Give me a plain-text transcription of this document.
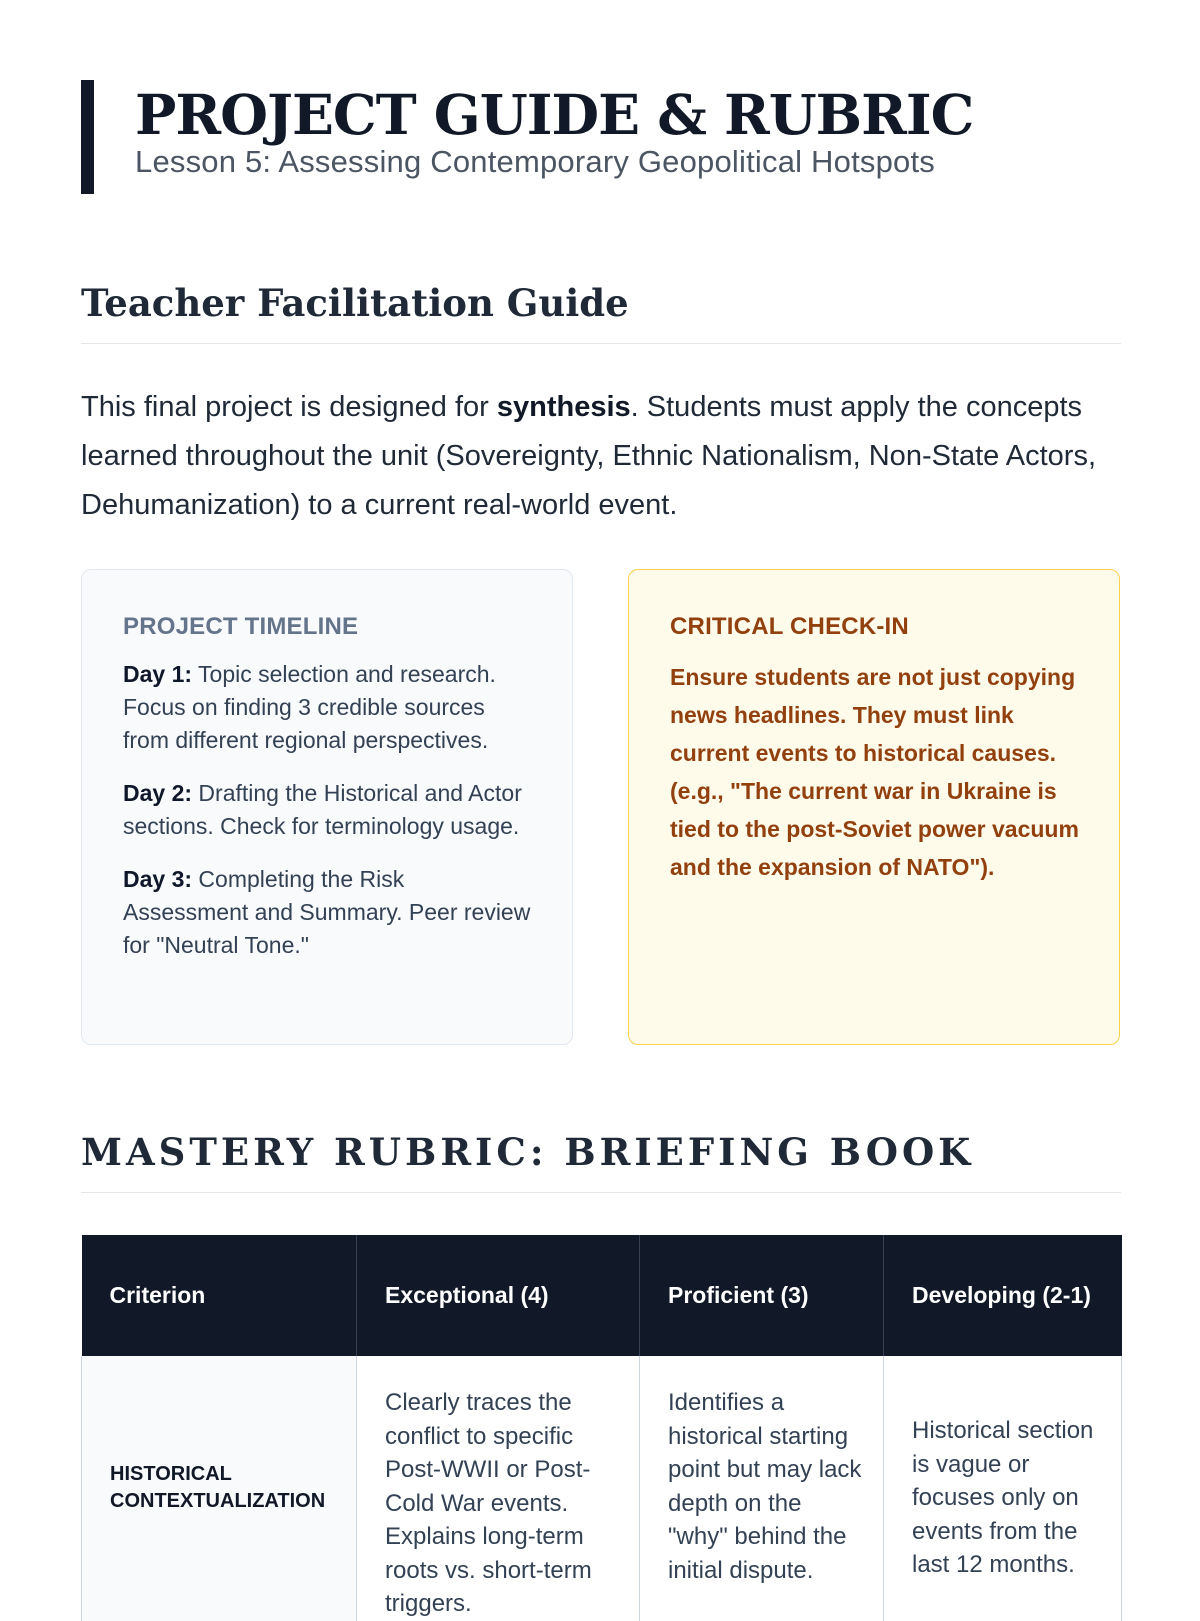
PROJECT GUIDE & RUBRIC
Lesson 5: Assessing Contemporary Geopolitical Hotspots
Teacher Facilitation Guide

This final project is designed for synthesis. Students must apply the concepts learned throughout the unit (Sovereignty, Ethnic Nationalism, Non-State Actors, Dehumanization) to a current real-world event.

PROJECT TIMELINE
Day 1: Topic selection and research. Focus on finding 3 credible sources from different regional perspectives.
Day 2: Drafting the Historical and Actor sections. Check for terminology usage.
Day 3: Completing the Risk Assessment and Summary. Peer review for "Neutral Tone."
CRITICAL CHECK-IN
Ensure students are not just copying news headlines. They must link current events to historical causes. (e.g., "The current war in Ukraine is tied to the post-Soviet power vacuum and the expansion of NATO").
MASTERY RUBRIC: BRIEFING BOOK
Criterion	Exceptional (4)	Proficient (3)	Developing (2-1)
HISTORICAL CONTEXTUALIZATION	Clearly traces the conflict to specific Post-WWII or Post-Cold War events. Explains long-term roots vs. short-term triggers.	Identifies a historical starting point but may lack depth on the "why" behind the initial dispute.	Historical section is vague or focuses only on events from the last 12 months.
